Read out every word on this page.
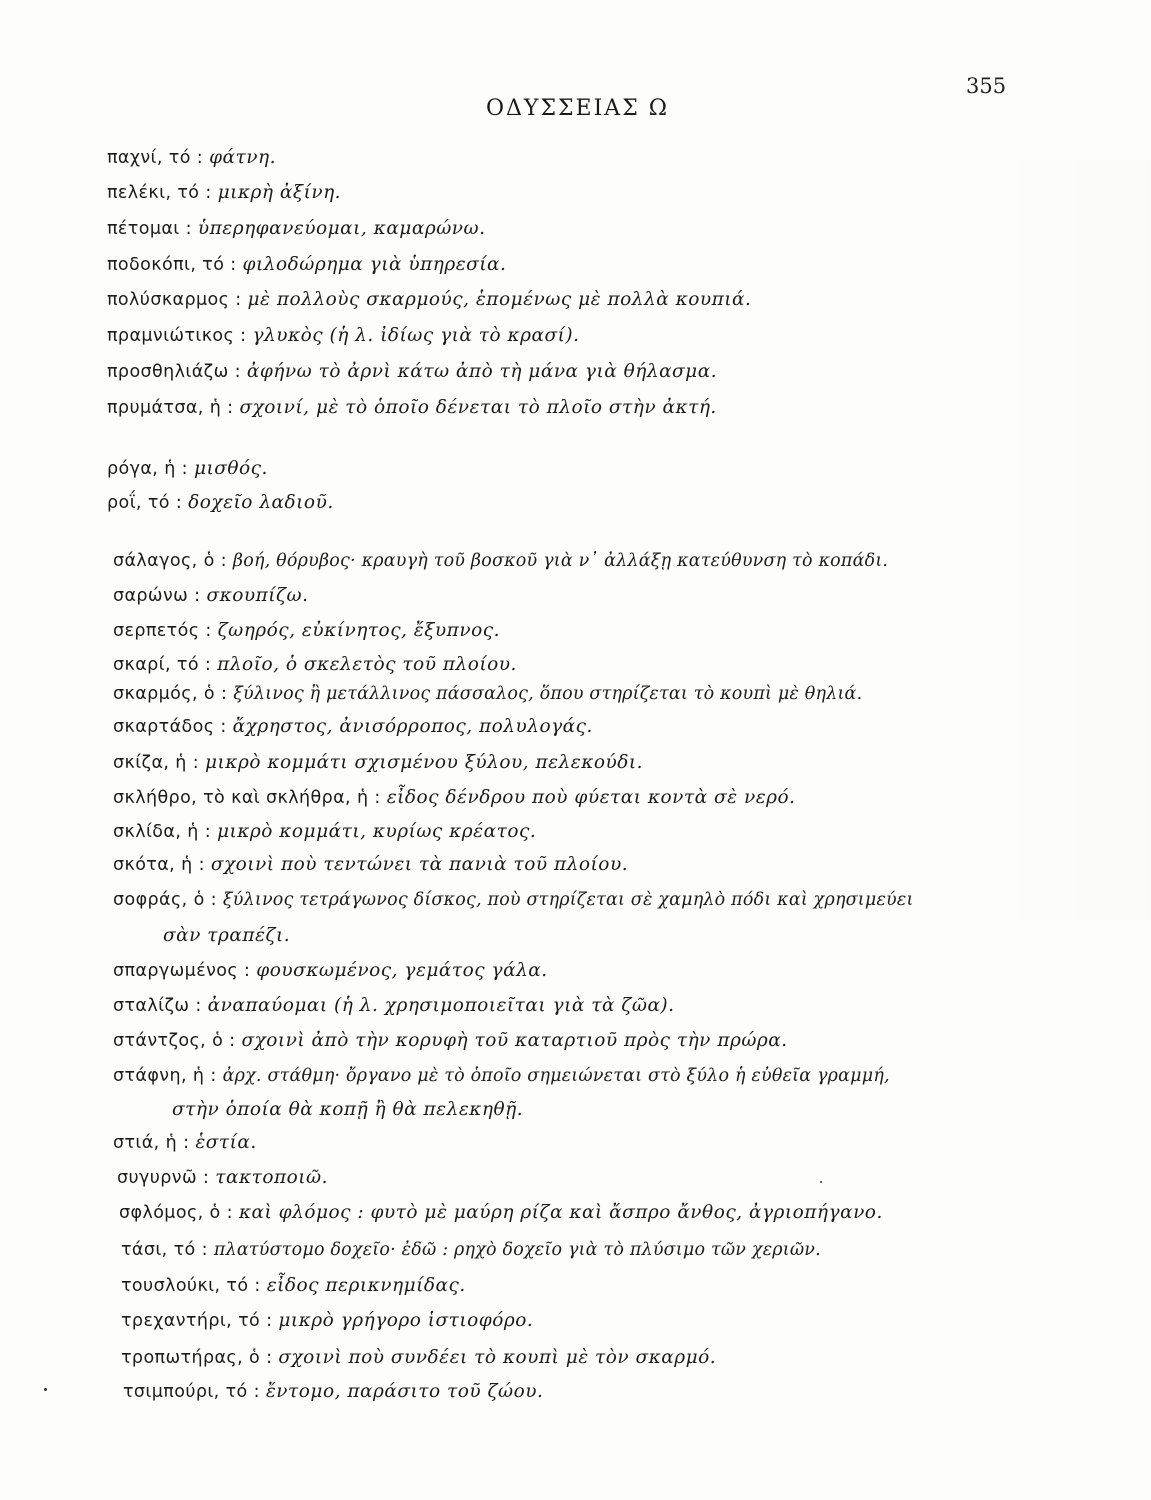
355
ΟΔΥΣΣΕΙΑΣ Ω
παχνί, τό : φάτνη.
πελέκι, τό : μικρὴ ἀξίνη.
πέτομαι : ὑπερηφανεύομαι, καμαρώνω.
ποδοκόπι, τό : φιλοδώρημα γιὰ ὑπηρεσία.
πολύσκαρμος : μὲ πολλοὺς σκαρμούς, ἑπομένως μὲ πολλὰ κουπιά.
πραμνιώτικος : γλυκὸς (ἡ λ. ἰδίως γιὰ τὸ κρασί).
προσθηλιάζω : ἀφήνω τὸ ἀρνὶ κάτω ἀπὸ τὴ μάνα γιὰ θήλασμα.
πρυμάτσα, ἡ : σχοινί, μὲ τὸ ὁποῖο δένεται τὸ πλοῖο στὴν ἀκτή.
ρόγα, ἡ : μισθός.
ροΐ, τό : δοχεῖο λαδιοῦ.
σάλαγος, ὁ : βοή, θόρυβος· κραυγὴ τοῦ βοσκοῦ γιὰ ν᾽ ἀλλάξῃ κατεύθυνση τὸ κοπάδι.
σαρώνω : σκουπίζω.
σερπετός : ζωηρός, εὐκίνητος, ἔξυπνος.
σκαρί, τό : πλοῖο, ὁ σκελετὸς τοῦ πλοίου.
σκαρμός, ὁ : ξύλινος ἢ μετάλλινος πάσσαλος, ὅπου στηρίζεται τὸ κουπὶ μὲ θηλιά.
σκαρτάδος : ἄχρηστος, ἀνισόρροπος, πολυλογάς.
σκίζα, ἡ : μικρὸ κομμάτι σχισμένου ξύλου, πελεκούδι.
σκλήθρο, τὸ καὶ σκλήθρα, ἡ : εἶδος δένδρου ποὺ φύεται κοντὰ σὲ νερό.
σκλίδα, ἡ : μικρὸ κομμάτι, κυρίως κρέατος.
σκότα, ἡ : σχοινὶ ποὺ τεντώνει τὰ πανιὰ τοῦ πλοίου.
σοφράς, ὁ : ξύλινος τετράγωνος δίσκος, ποὺ στηρίζεται σὲ χαμηλὸ πόδι καὶ χρησιμεύει
σὰν τραπέζι.
σπαργωμένος : φουσκωμένος, γεμάτος γάλα.
σταλίζω : ἀναπαύομαι (ἡ λ. χρησιμοποιεῖται γιὰ τὰ ζῶα).
στάντζος, ὁ : σχοινὶ ἀπὸ τὴν κορυφὴ τοῦ καταρτιοῦ πρὸς τὴν πρώρα.
στάφνη, ἡ : ἀρχ. στάθμη· ὄργανο μὲ τὸ ὁποῖο σημειώνεται στὸ ξύλο ἡ εὐθεῖα γραμμή,
στὴν ὁποία θὰ κοπῇ ἢ θὰ πελεκηθῇ.
στιά, ἡ : ἑστία.
συγυρνῶ : τακτοποιῶ.
σφλόμος, ὁ : καὶ φλόμος : φυτὸ μὲ μαύρη ρίζα καὶ ἄσπρο ἄνθος, ἀγριοπήγανο.
τάσι, τό : πλατύστομο δοχεῖο· ἐδῶ : ρηχὸ δοχεῖο γιὰ τὸ πλύσιμο τῶν χεριῶν.
τουσλούκι, τό : εἶδος περικνημίδας.
τρεχαντήρι, τό : μικρὸ γρήγορο ἱστιοφόρο.
τροπωτήρας, ὁ : σχοινὶ ποὺ συνδέει τὸ κουπὶ μὲ τὸν σκαρμό.
τσιμπούρι, τό : ἔντομο, παράσιτο τοῦ ζώου.
